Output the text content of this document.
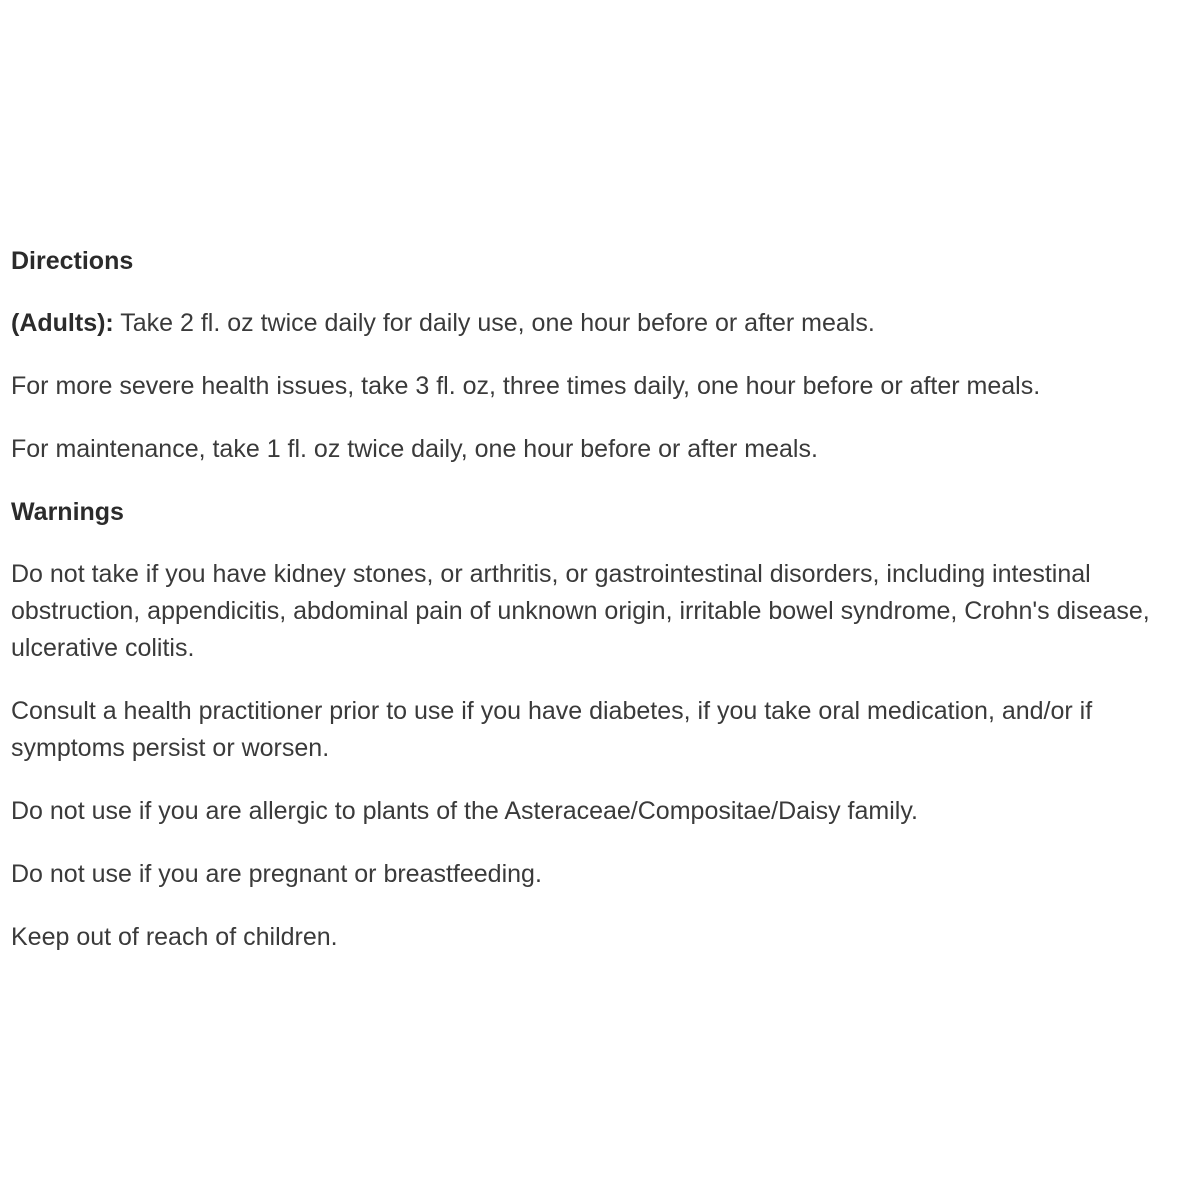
Directions
(Adults): Take 2 fl. oz twice daily for daily use, one hour before or after meals.
For more severe health issues, take 3 fl. oz, three times daily, one hour before or after meals.
For maintenance, take 1 fl. oz twice daily, one hour before or after meals.
Warnings
Do not take if you have kidney stones, or arthritis, or gastrointestinal disorders, including intestinal obstruction, appendicitis, abdominal pain of unknown origin, irritable bowel syndrome, Crohn's disease, ulcerative colitis.
Consult a health practitioner prior to use if you have diabetes, if you take oral medication, and/or if symptoms persist or worsen.
Do not use if you are allergic to plants of the Asteraceae/Compositae/Daisy family.
Do not use if you are pregnant or breastfeeding.
Keep out of reach of children.
